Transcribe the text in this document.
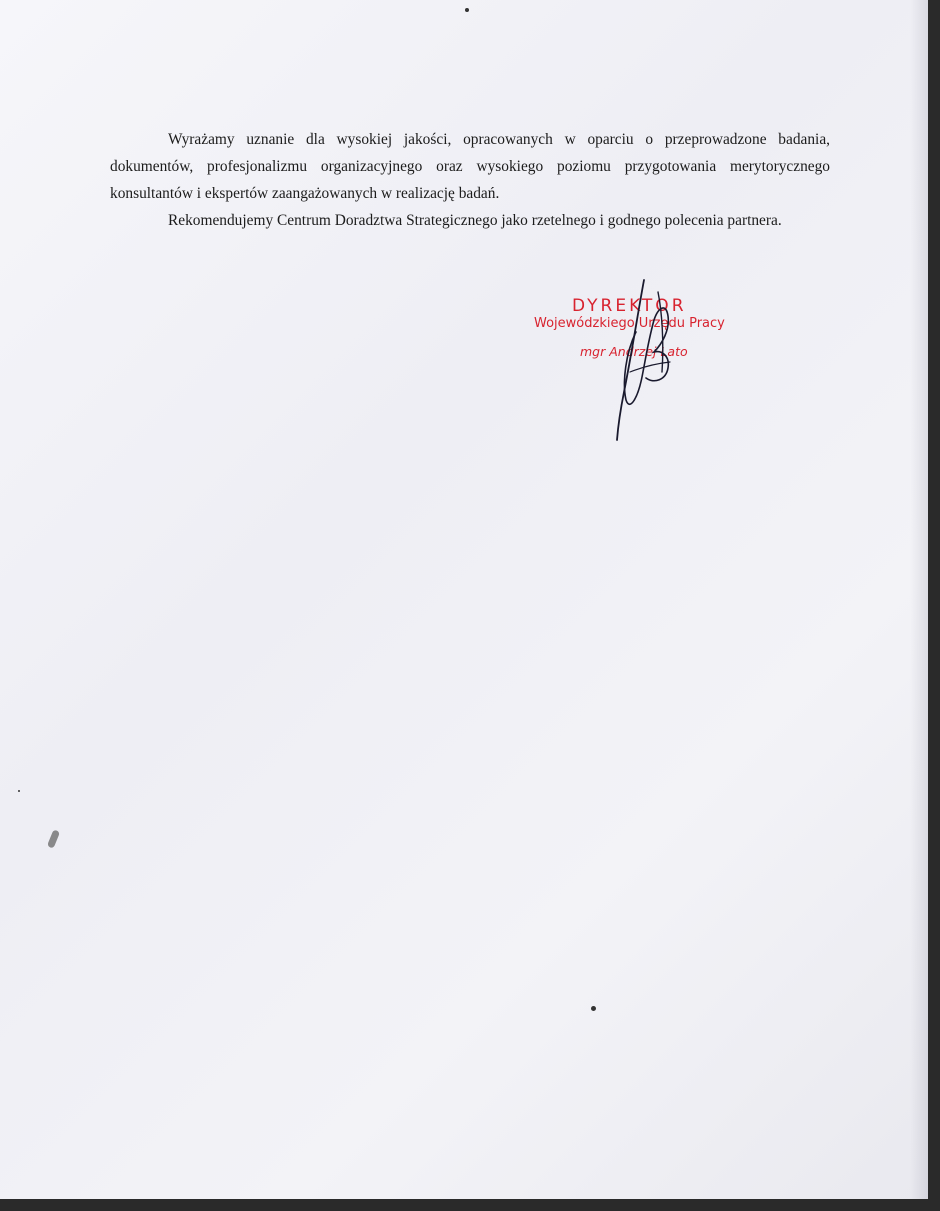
Wyrażamy uznanie dla wysokiej jakości, opracowanych w oparciu o przeprowadzone badania, dokumentów, profesjonalizmu organizacyjnego oraz wysokiego poziomu przygotowania merytorycznego konsultantów i ekspertów zaangażowanych w realizację badań.

Rekomendujemy Centrum Doradztwa Strategicznego jako rzetelnego i godnego polecenia partnera.

DYREKTOR
Wojewódzkiego Urzędu Pracy
mgr Andrzej Lato
